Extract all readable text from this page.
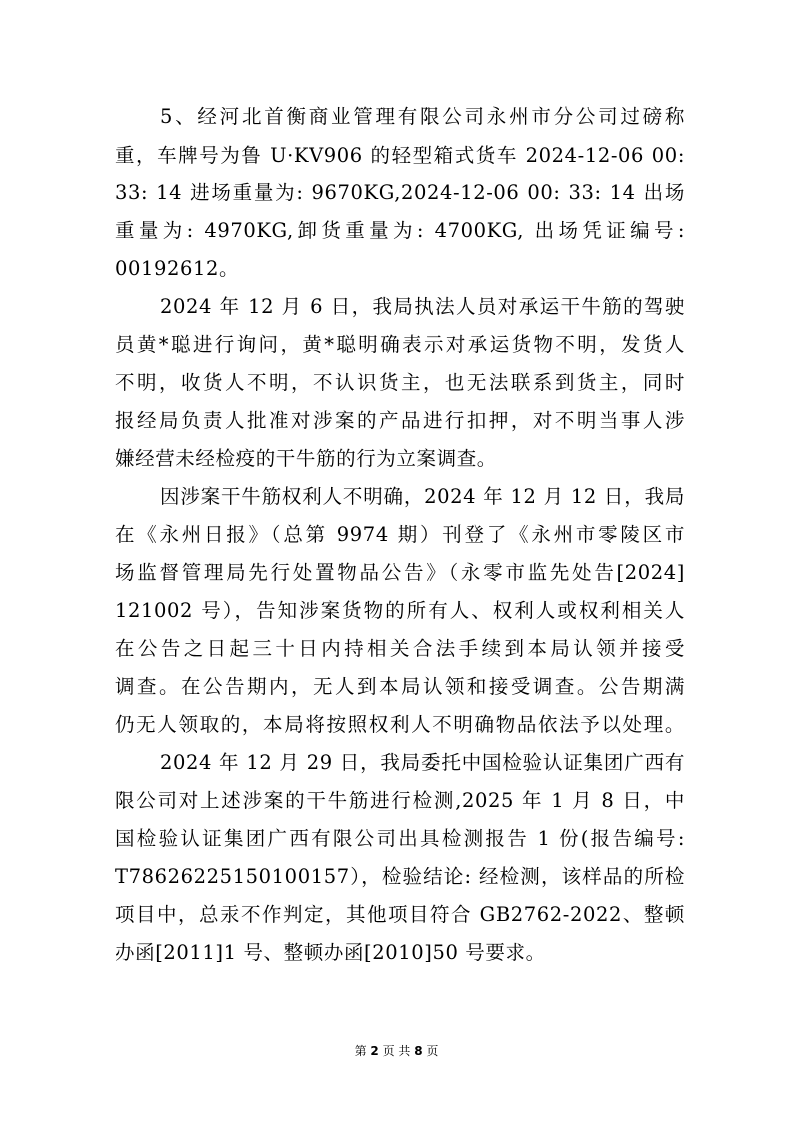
5、经河北首衡商业管理有限公司永州市分公司过磅称
重，车牌号为鲁 U·KV906 的轻型箱式货车 2024-12-06 00:
33: 14 进场重量为: 9670KG,2024-12-06 00: 33: 14 出场
重量为: 4970KG,卸货重量为: 4700KG, 出场凭证编号:
00192612。
2024 年 12 月 6 日，我局执法人员对承运干牛筋的驾驶
员黄*聪进行询问，黄*聪明确表示对承运货物不明，发货人
不明，收货人不明，不认识货主，也无法联系到货主，同时
报经局负责人批准对涉案的产品进行扣押，对不明当事人涉
嫌经营未经检疫的干牛筋的行为立案调查。
因涉案干牛筋权利人不明确，2024 年 12 月 12 日，我局
在《永州日报》（总第 9974 期）刊登了《永州市零陵区市
场监督管理局先行处置物品公告》（永零市监先处告[2024]
121002 号），告知涉案货物的所有人、权利人或权利相关人
在公告之日起三十日内持相关合法手续到本局认领并接受
调查。在公告期内，无人到本局认领和接受调查。公告期满
仍无人领取的，本局将按照权利人不明确物品依法予以处理。
2024 年 12 月 29 日，我局委托中国检验认证集团广西有
限公司对上述涉案的干牛筋进行检测,2025 年 1 月 8 日，中
国检验认证集团广西有限公司出具检测报告 1 份(报告编号:
T78626225150100157），检验结论: 经检测，该样品的所检
项目中，总汞不作判定，其他项目符合 GB2762-2022、整顿
办函[2011]1 号、整顿办函[2010]50 号要求。
第 2 页 共 8 页
